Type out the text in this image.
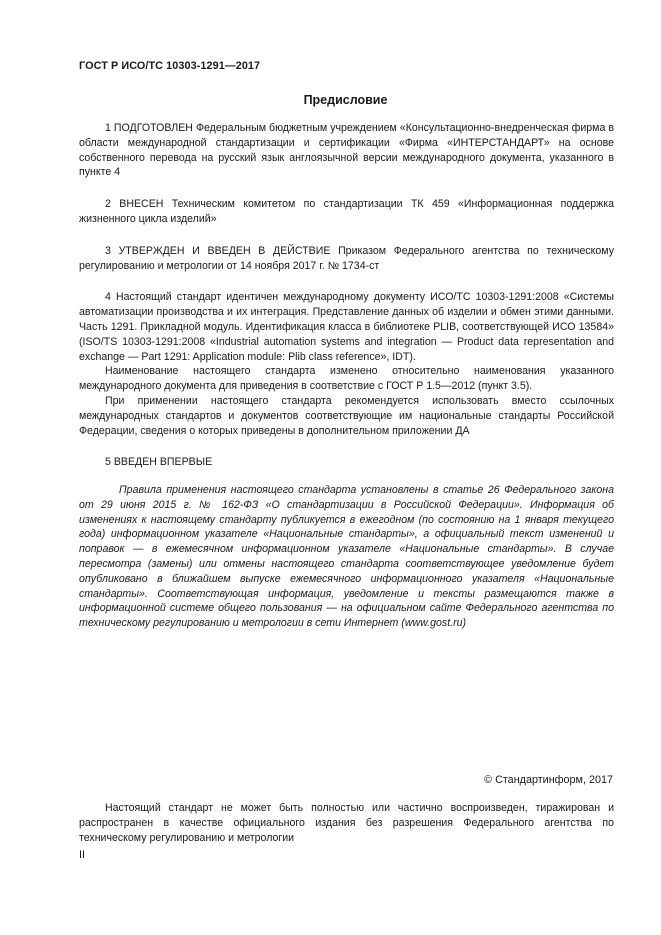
ГОСТ Р ИСО/ТС 10303-1291—2017
Предисловие

1 ПОДГОТОВЛЕН Федеральным бюджетным учреждением «Консультационно-внедренческая фирма в области международной стандартизации и сертификации «Фирма «ИНТЕРСТАНДАРТ» на основе собственного перевода на русский язык англоязычной версии международного документа, указанного в пункте 4

2 ВНЕСЕН Техническим комитетом по стандартизации ТК 459 «Информационная поддержка жизненного цикла изделий»

3 УТВЕРЖДЕН И ВВЕДЕН В ДЕЙСТВИЕ Приказом Федерального агентства по техническому регулированию и метрологии от 14 ноября 2017 г. № 1734-ст

4 Настоящий стандарт идентичен международному документу ИСО/ТС 10303-1291:2008 «Системы автоматизации производства и их интеграция. Представление данных об изделии и обмен этими данными. Часть 1291. Прикладной модуль. Идентификация класса в библиотеке PLIB, соответствующей ИСО 13584» (ISO/TS 10303-1291:2008 «Industrial automation systems and integration — Product data representation and exchange — Part 1291: Application module: Plib class reference», IDT).

Наименование настоящего стандарта изменено относительно наименования указанного международного документа для приведения в соответствие с ГОСТ Р 1.5—2012 (пункт 3.5).

При применении настоящего стандарта рекомендуется использовать вместо ссылочных международных стандартов и документов соответствующие им национальные стандарты Российской Федерации, сведения о которых приведены в дополнительном приложении ДА

5 ВВЕДЕН ВПЕРВЫЕ

Правила применения настоящего стандарта установлены в статье 26 Федерального закона от 29 июня 2015 г. № 162-ФЗ «О стандартизации в Российской Федерации». Информация об изменениях к настоящему стандарту публикуется в ежегодном (по состоянию на 1 января текущего года) информационном указателе «Национальные стандарты», а официальный текст изменений и поправок — в ежемесячном информационном указателе «Национальные стандарты». В случае пересмотра (замены) или отмены настоящего стандарта соответствующее уведомление будет опубликовано в ближайшем выпуске ежемесячного информационного указателя «Национальные стандарты». Соответствующая информация, уведомление и тексты размещаются также в информационной системе общего пользования — на официальном сайте Федерального агентства по техническому регулированию и метрологии в сети Интернет (www.gost.ru)

© Стандартинформ, 2017

Настоящий стандарт не может быть полностью или частично воспроизведен, тиражирован и распространен в качестве официального издания без разрешения Федерального агентства по техническому регулированию и метрологии

II
